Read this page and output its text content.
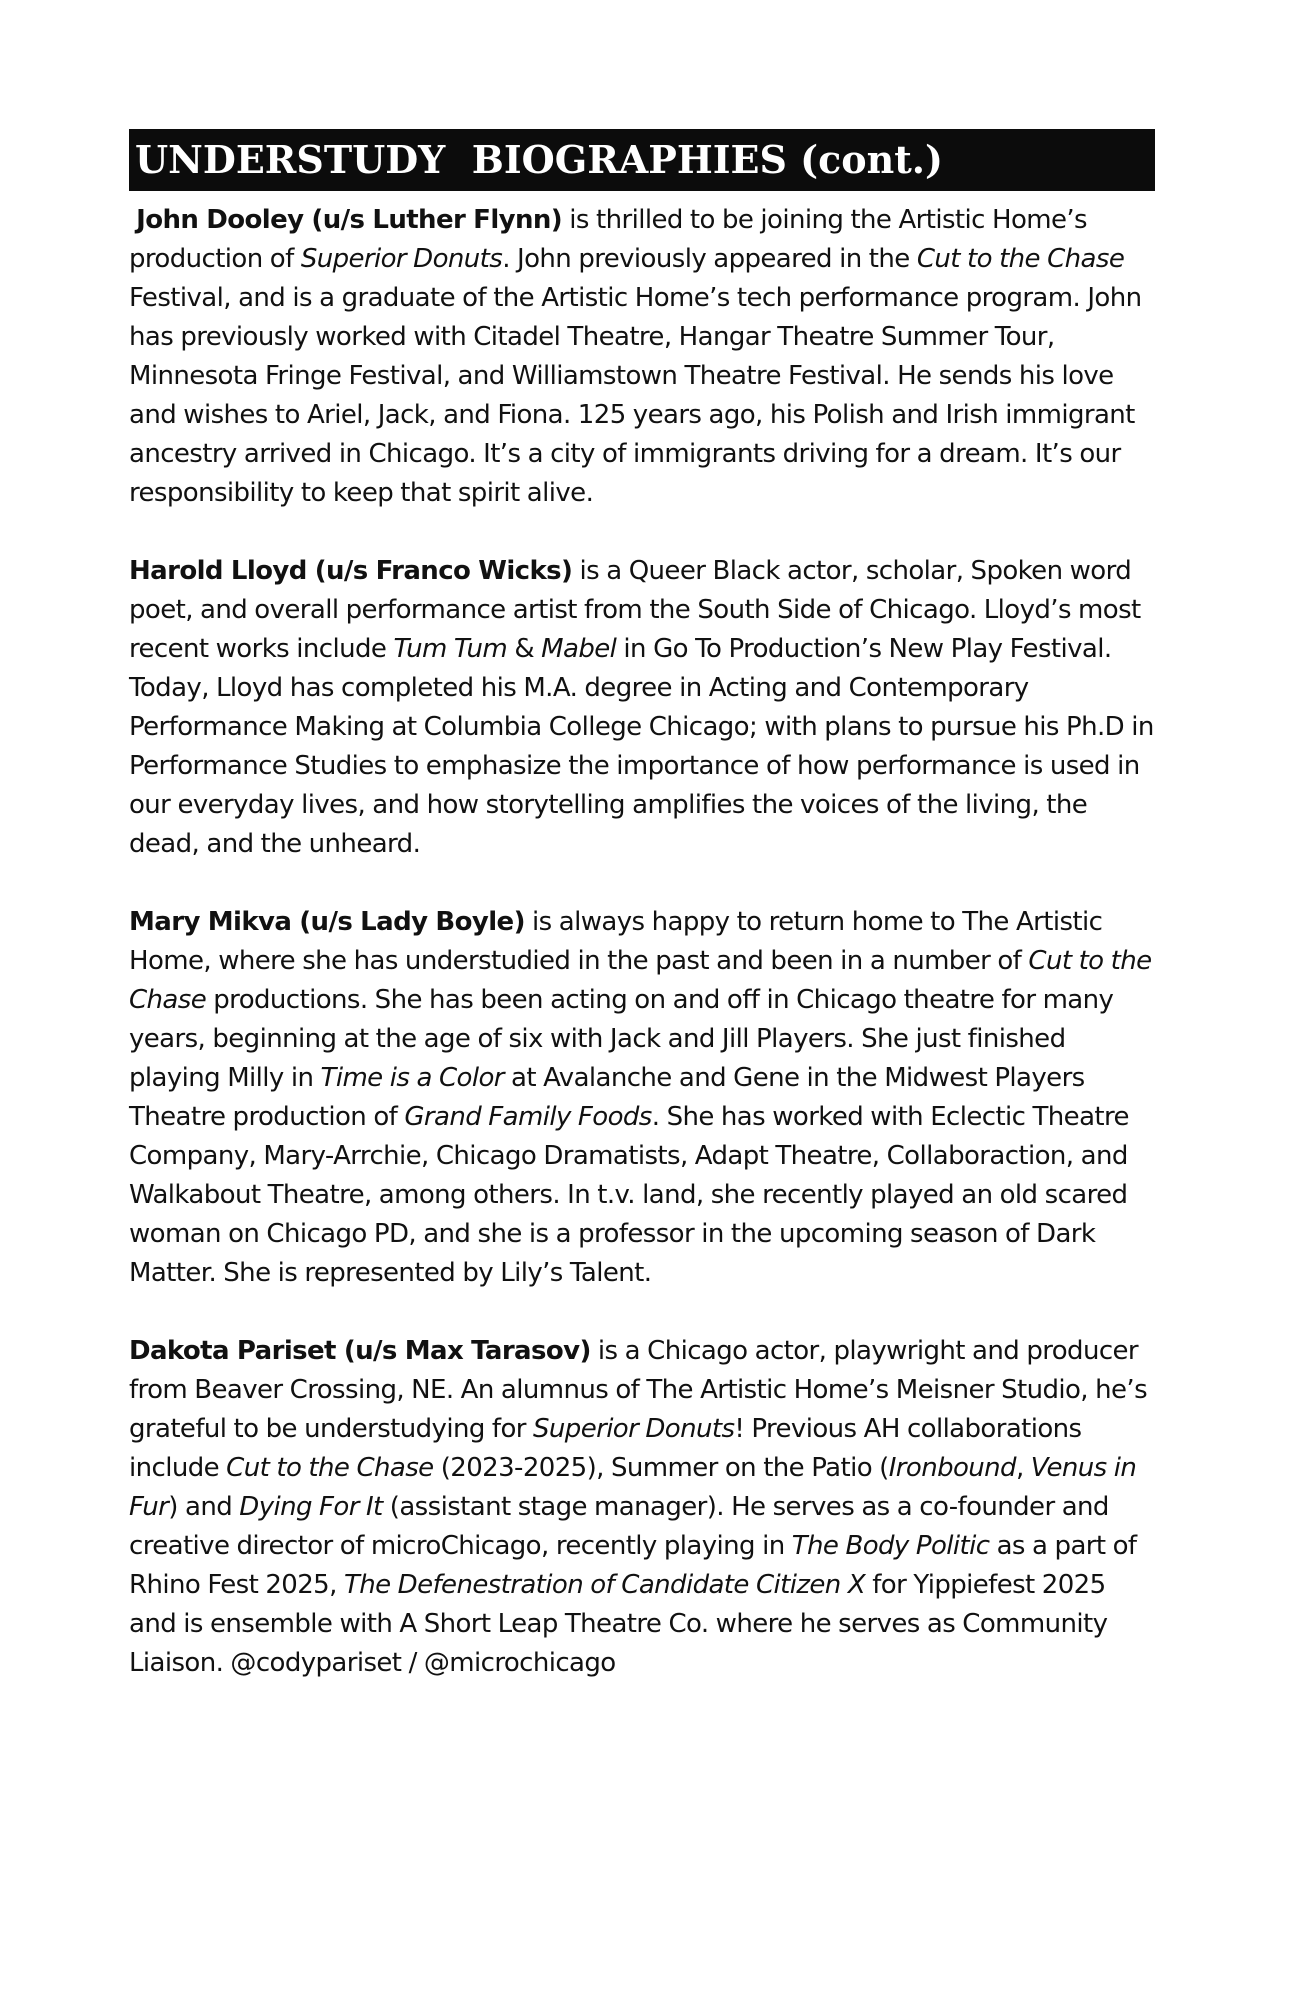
UNDERSTUDY  BIOGRAPHIES (cont.)

John Dooley (u/s Luther Flynn) is thrilled to be joining the Artistic Home’s production of Superior Donuts. John previously appeared in the Cut to the Chase Festival, and is a graduate of the Artistic Home’s tech performance program. John has previously worked with Citadel Theatre, Hangar Theatre Summer Tour, Minnesota Fringe Festival, and Williamstown Theatre Festival. He sends his love and wishes to Ariel, Jack, and Fiona. 125 years ago, his Polish and Irish immigrant ancestry arrived in Chicago. It’s a city of immigrants driving for a dream. It’s our responsibility to keep that spirit alive.

Harold Lloyd (u/s Franco Wicks) is a Queer Black actor, scholar, Spoken word poet, and overall performance artist from the South Side of Chicago. Lloyd’s most recent works include Tum Tum & Mabel in Go To Production’s New Play Festival. Today, Lloyd has completed his M.A. degree in Acting and Contemporary Performance Making at Columbia College Chicago; with plans to pursue his Ph.D in Performance Studies to emphasize the importance of how performance is used in our everyday lives, and how storytelling amplifies the voices of the living, the dead, and the unheard.

Mary Mikva (u/s Lady Boyle) is always happy to return home to The Artistic Home, where she has understudied in the past and been in a number of Cut to the Chase productions. She has been acting on and off in Chicago theatre for many years, beginning at the age of six with Jack and Jill Players. She just finished playing Milly in Time is a Color at Avalanche and Gene in the Midwest Players Theatre production of Grand Family Foods. She has worked with Eclectic Theatre Company, Mary-Arrchie, Chicago Dramatists, Adapt Theatre, Collaboraction, and Walkabout Theatre, among others. In t.v. land, she recently played an old scared woman on Chicago PD, and she is a professor in the upcoming season of Dark Matter. She is represented by Lily’s Talent.

Dakota Pariset (u/s Max Tarasov) is a Chicago actor, playwright and producer from Beaver Crossing, NE. An alumnus of The Artistic Home’s Meisner Studio, he’s grateful to be understudying for Superior Donuts! Previous AH collaborations include Cut to the Chase (2023-2025), Summer on the Patio (Ironbound, Venus in Fur) and Dying For It (assistant stage manager). He serves as a co-founder and creative director of microChicago, recently playing in The Body Politic as a part of Rhino Fest 2025, The Defenestration of Candidate Citizen X for Yippiefest 2025 and is ensemble with A Short Leap Theatre Co. where he serves as Community Liaison. @codypariset / @microchicago
